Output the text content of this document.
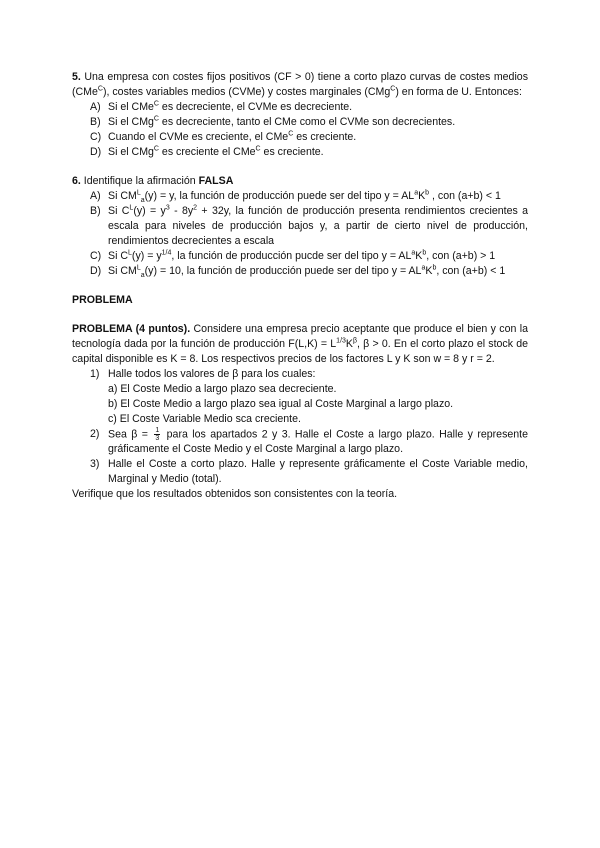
5. Una empresa con costes fijos positivos (CF > 0) tiene a corto plazo curvas de costes medios (CMe$^C$), costes variables medios (CVMe) y costes marginales (CMg$^C$) en forma de U. Entonces:

A) Si el CMe$^C$ es decreciente, el CVMe es decreciente.
B) Si el CMg$^C$ es decreciente, tanto el CMe como el CVMe son decrecientes.
C) Cuando el CVMe es creciente, el CMe$^C$ es creciente.
D) Si el CMg$^C$ es creciente el CMe$^C$ es creciente.

6. Identifique la afirmación FALSA

A) Si $CM^L_a(y) = y$, la función de producción puede ser del tipo $y = AL^aK^b$ , con (a+b) < 1
B) Si $C^L(y) = y^3 - 8y^2 + 32y$, la función de producción presenta rendimientos crecientes a escala para niveles de producción bajos y, a partir de cierto nivel de producción, rendimientos decrecientes a escala
C) Si $C^L(y) = y^{1/4}$, la función de producción pucde ser del tipo $y = AL^aK^b$, con (a+b) > 1
D) Si $CM^L_a(y) = 10$, la función de producción puede ser del tipo $y = AL^aK^b$, con (a+b) < 1

PROBLEMA

PROBLEMA (4 puntos). Considere una empresa precio aceptante que produce el bien y con la tecnología dada por la función de producción $F(L,K) = L^{1/3}K^\beta$, β > 0. En el corto plazo el stock de capital disponible es K = 8. Los respectivos precios de los factores L y K son w = 8 y r = 2.

1) Halle todos los valores de β para los cuales:

a) El Coste Medio a largo plazo sea decreciente.

b) El Coste Medio a largo plazo sea igual al Coste Marginal a largo plazo.

c) El Coste Variable Medio sca creciente.

2) Sea $\beta = \frac{1}{3}$ para los apartados 2 y 3. Halle el Coste a largo plazo. Halle y represente gráficamente el Coste Medio y el Coste Marginal a largo plazo.
3) Halle el Coste a corto plazo. Halle y represente gráficamente el Coste Variable medio, Marginal y Medio (total).

Verifique que los resultados obtenidos son consistentes con la teoría.
